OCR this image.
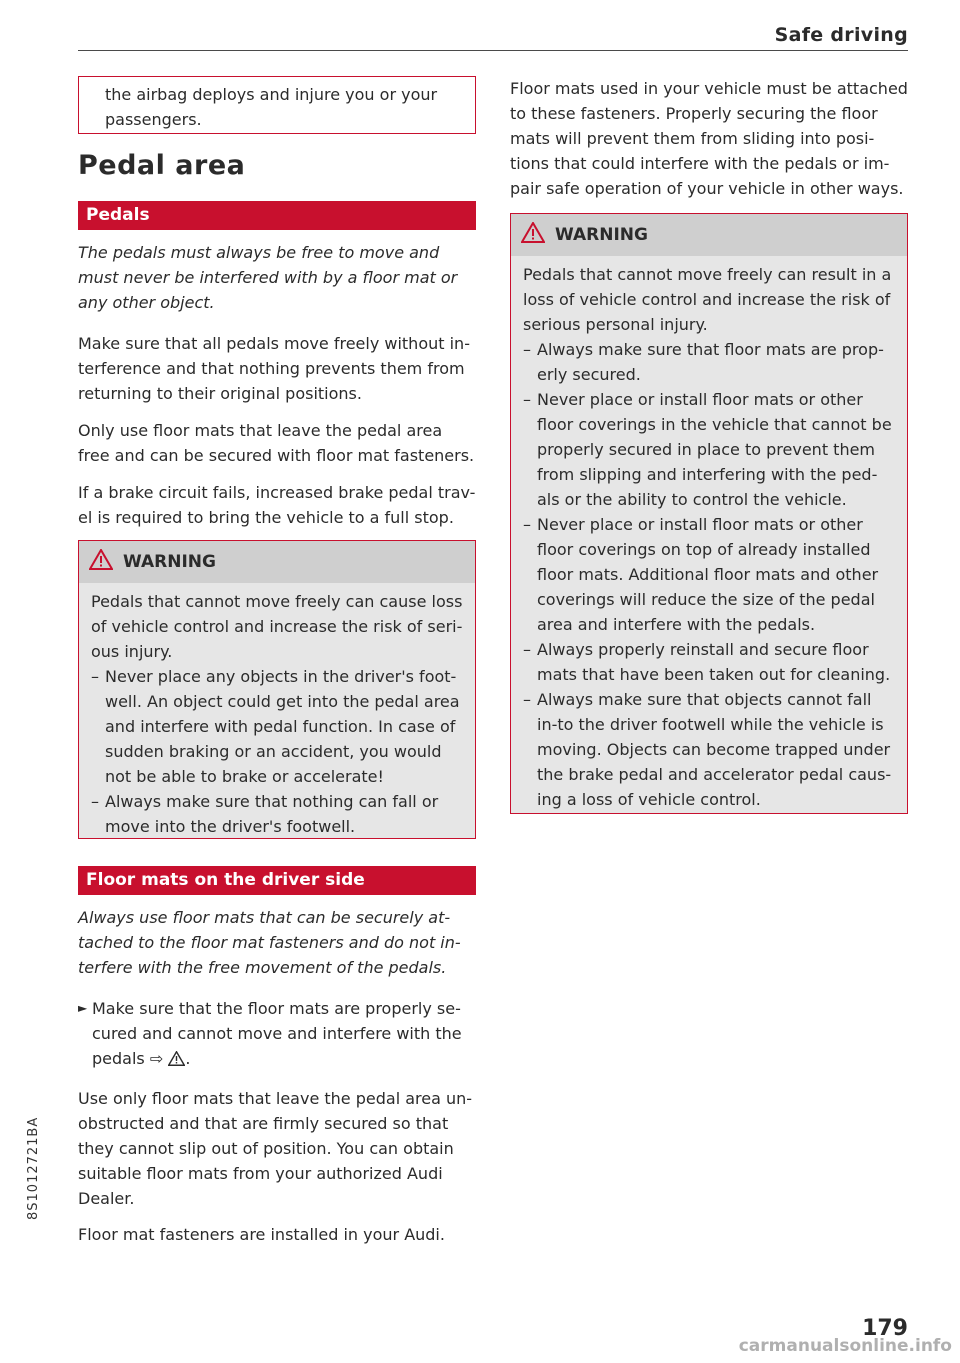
Safe driving
the airbag deploys and injure you or your passengers.
Pedal area
Pedals

The pedals must always be free to move and must never be interfered with by a floor mat or any other object.

Make sure that all pedals move freely without in-terference and that nothing prevents them from returning to their original positions.

Only use floor mats that leave the pedal area free and can be secured with floor mat fasteners.

If a brake circuit fails, increased brake pedal trav-el is required to bring the vehicle to a full stop.

WARNING

Pedals that cannot move freely can cause loss of vehicle control and increase the risk of seri-ous injury.

– Never place any objects in the driver's foot-well. An object could get into the pedal area and interfere with pedal function. In case of sudden braking or an accident, you would not be able to brake or accelerate!
– Always make sure that nothing can fall or move into the driver's footwell.
Floor mats on the driver side

Always use floor mats that can be securely at-tached to the floor mat fasteners and do not in-terfere with the free movement of the pedals.

► Make sure that the floor mats are properly se-cured and cannot move and interfere with the pedals ⇨ .

Use only floor mats that leave the pedal area un-obstructed and that are firmly secured so that they cannot slip out of position. You can obtain suitable floor mats from your authorized Audi Dealer.

Floor mat fasteners are installed in your Audi.

Floor mats used in your vehicle must be attached to these fasteners. Properly securing the floor mats will prevent them from sliding into posi-tions that could interfere with the pedals or im-pair safe operation of your vehicle in other ways.

WARNING

Pedals that cannot move freely can result in a loss of vehicle control and increase the risk of serious personal injury.

– Always make sure that floor mats are prop-erly secured.
– Never place or install floor mats or other floor coverings in the vehicle that cannot be properly secured in place to prevent them from slipping and interfering with the ped-als or the ability to control the vehicle.
– Never place or install floor mats or other floor coverings on top of already installed floor mats. Additional floor mats and other coverings will reduce the size of the pedal area and interfere with the pedals.
– Always properly reinstall and secure floor mats that have been taken out for cleaning.
– Always make sure that objects cannot fall in-to the driver footwell while the vehicle is moving. Objects can become trapped under the brake pedal and accelerator pedal caus-ing a loss of vehicle control.
8S1012721BA
179
carmanualsonline.info
